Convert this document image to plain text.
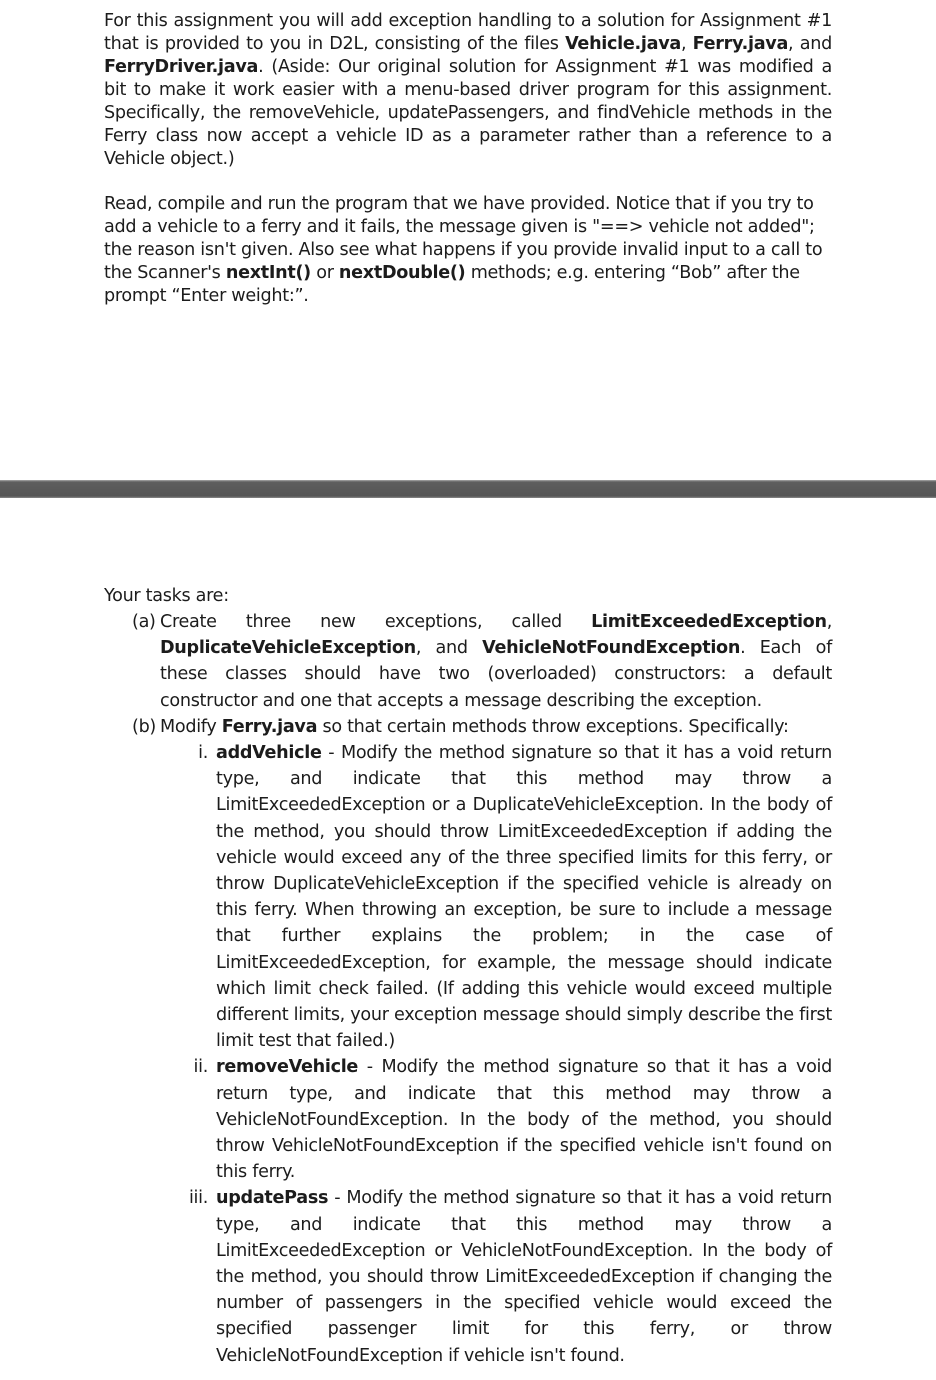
For this assignment you will add exception handling to a solution for Assignment #1 that is provided to you in D2L, consisting of the files Vehicle.java, Ferry.java, and FerryDriver.java. (Aside: Our original solution for Assignment #1 was modified a bit to make it work easier with a menu-based driver program for this assignment. Specifically, the removeVehicle, updatePassengers, and findVehicle methods in the Ferry class now accept a vehicle ID as a parameter rather than a reference to a Vehicle object.)

Read, compile and run the program that we have provided. Notice that if you try to add a vehicle to a ferry and it fails, the message given is "==> vehicle not added"; the reason isn't given. Also see what happens if you provide invalid input to a call to the Scanner's nextInt() or nextDouble() methods; e.g. entering “Bob” after the prompt “Enter weight:”.

Your tasks are:
(a) Create three new exceptions, called LimitExceededException, DuplicateVehicleException, and VehicleNotFoundException. Each of these classes should have two (overloaded) constructors: a default constructor and one that accepts a message describing the exception.
(b) Modify Ferry.java so that certain methods throw exceptions. Specifically:
i. addVehicle - Modify the method signature so that it has a void return type, and indicate that this method may throw a LimitExceededException or a DuplicateVehicleException. In the body of the method, you should throw LimitExceededException if adding the vehicle would exceed any of the three specified limits for this ferry, or throw DuplicateVehicleException if the specified vehicle is already on this ferry. When throwing an exception, be sure to include a message that further explains the problem; in the case of LimitExceededException, for example, the message should indicate which limit check failed. (If adding this vehicle would exceed multiple different limits, your exception message should simply describe the first limit test that failed.)
ii. removeVehicle - Modify the method signature so that it has a void return type, and indicate that this method may throw a VehicleNotFoundException. In the body of the method, you should throw VehicleNotFoundException if the specified vehicle isn't found on this ferry.
iii. updatePass - Modify the method signature so that it has a void return type, and indicate that this method may throw a LimitExceededException or VehicleNotFoundException. In the body of the method, you should throw LimitExceededException if changing the number of passengers in the specified vehicle would exceed the specified passenger limit for this ferry, or throw VehicleNotFoundException if vehicle isn't found.
